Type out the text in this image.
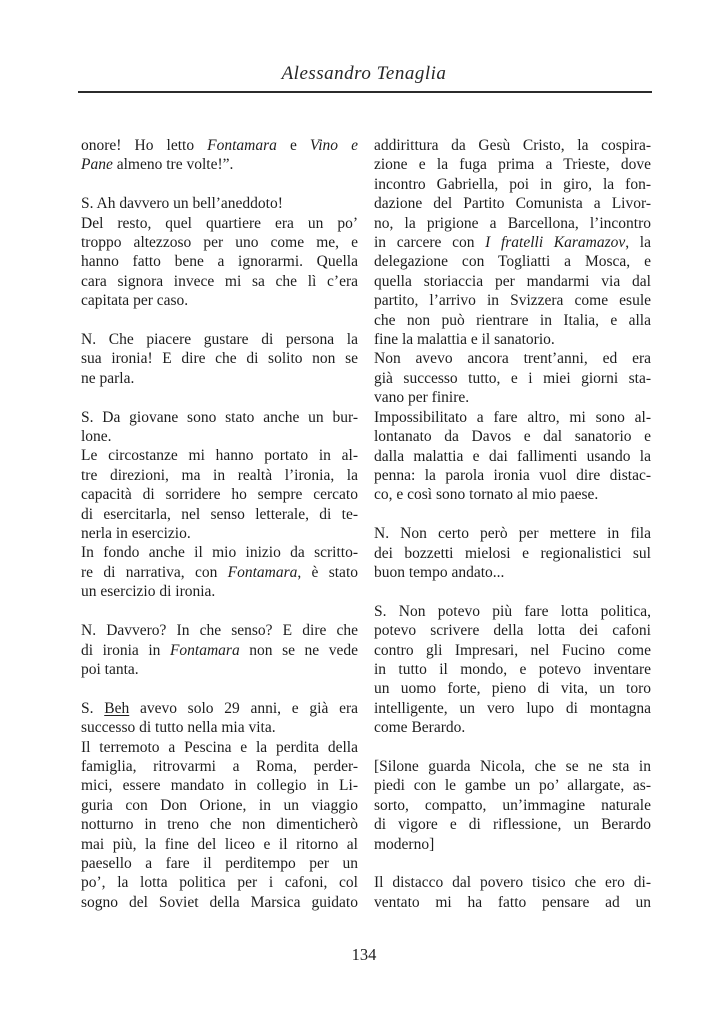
Alessandro Tenaglia
onore! Ho letto Fontamara e Vino e
Pane almeno tre volte!”.
S. Ah davvero un bell’aneddoto!
Del resto, quel quartiere era un po’
troppo altezzoso per uno come me, e
hanno fatto bene a ignorarmi. Quella
cara signora invece mi sa che lì c’era
capitata per caso.
N. Che piacere gustare di persona la
sua ironia! E dire che di solito non se
ne parla.
S. Da giovane sono stato anche un bur-
lone.
Le circostanze mi hanno portato in al-
tre direzioni, ma in realtà l’ironia, la
capacità di sorridere ho sempre cercato
di esercitarla, nel senso letterale, di te-
nerla in esercizio.
In fondo anche il mio inizio da scritto-
re di narrativa, con Fontamara, è stato
un esercizio di ironia.
N. Davvero? In che senso? E dire che
di ironia in Fontamara non se ne vede
poi tanta.
S. Beh avevo solo 29 anni, e già era
successo di tutto nella mia vita.
Il terremoto a Pescina e la perdita della
famiglia, ritrovarmi a Roma, perder-
mici, essere mandato in collegio in Li-
guria con Don Orione, in un viaggio
notturno in treno che non dimenticherò
mai più, la fine del liceo e il ritorno al
paesello a fare il perditempo per un
po’, la lotta politica per i cafoni, col
sogno del Soviet della Marsica guidato
addirittura da Gesù Cristo, la cospira-
zione e la fuga prima a Trieste, dove
incontro Gabriella, poi in giro, la fon-
dazione del Partito Comunista a Livor-
no, la prigione a Barcellona, l’incontro
in carcere con I fratelli Karamazov, la
delegazione con Togliatti a Mosca, e
quella storiaccia per mandarmi via dal
partito, l’arrivo in Svizzera come esule
che non può rientrare in Italia, e alla
fine la malattia e il sanatorio.
Non avevo ancora trent’anni, ed era
già successo tutto, e i miei giorni sta-
vano per finire.
Impossibilitato a fare altro, mi sono al-
lontanato da Davos e dal sanatorio e
dalla malattia e dai fallimenti usando la
penna: la parola ironia vuol dire distac-
co, e così sono tornato al mio paese.
N. Non certo però per mettere in fila
dei bozzetti mielosi e regionalistici sul
buon tempo andato...
S. Non potevo più fare lotta politica,
potevo scrivere della lotta dei cafoni
contro gli Impresari, nel Fucino come
in tutto il mondo, e potevo inventare
un uomo forte, pieno di vita, un toro
intelligente, un vero lupo di montagna
come Berardo.
[Silone guarda Nicola, che se ne sta in
piedi con le gambe un po’ allargate, as-
sorto, compatto, un’immagine naturale
di vigore e di riflessione, un Berardo
moderno]
Il distacco dal povero tisico che ero di-
ventato mi ha fatto pensare ad un
134
